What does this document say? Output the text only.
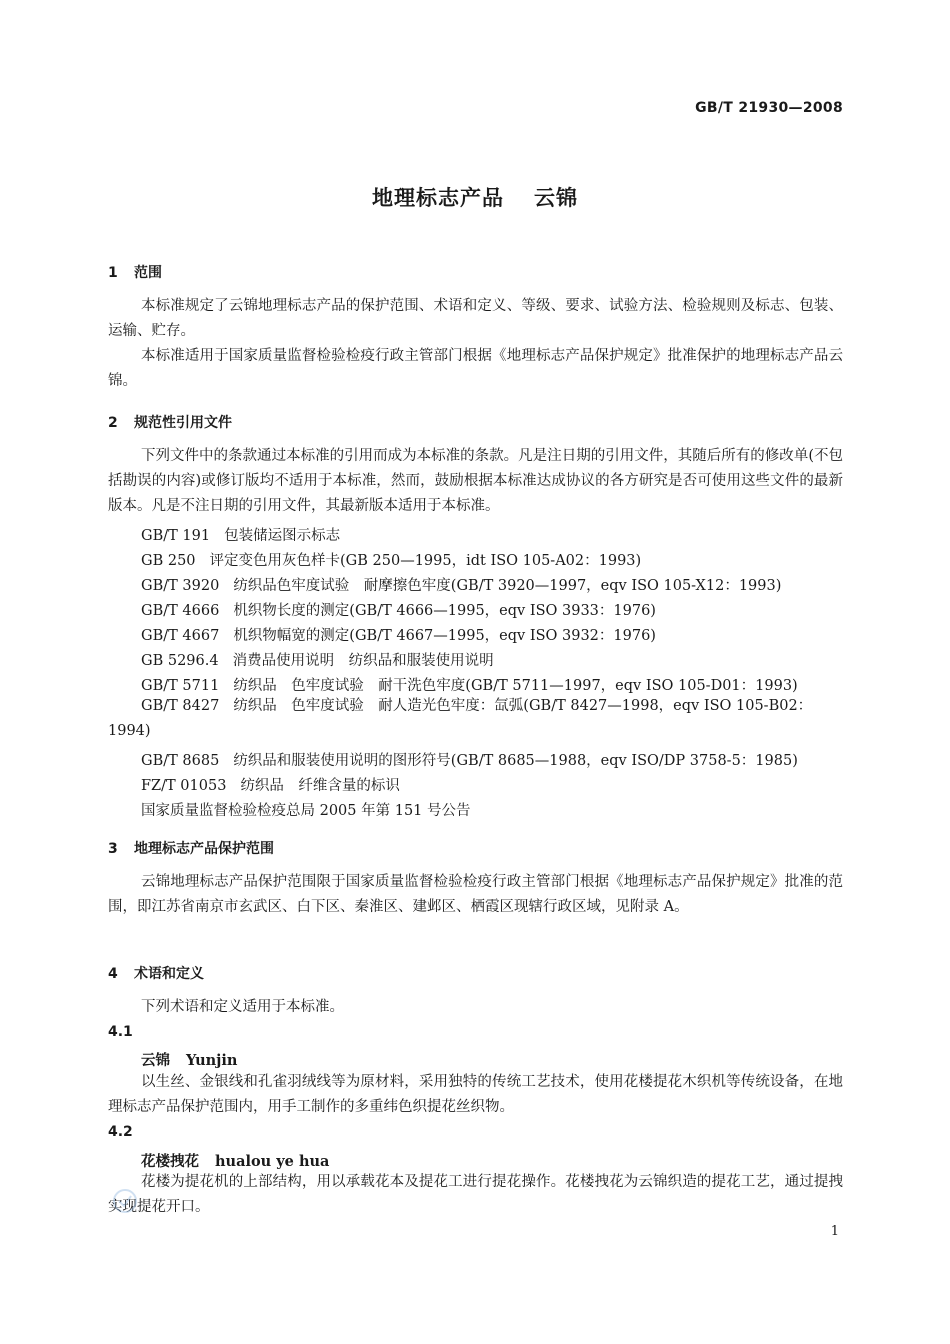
GB/T 21930—2008
地理标志产品 云锦
1 范围
本标准规定了云锦地理标志产品的保护范围、术语和定义、等级、要求、试验方法、检验规则及标志、包装、运输、贮存。
本标准适用于国家质量监督检验检疫行政主管部门根据《地理标志产品保护规定》批准保护的地理标志产品云锦。
2 规范性引用文件
下列文件中的条款通过本标准的引用而成为本标准的条款。凡是注日期的引用文件，其随后所有的修改单(不包括勘误的内容)或修订版均不适用于本标准，然而，鼓励根据本标准达成协议的各方研究是否可使用这些文件的最新版本。凡是不注日期的引用文件，其最新版本适用于本标准。
GB/T 191 包装储运图示标志
GB 250 评定变色用灰色样卡(GB 250—1995，idt ISO 105-A02：1993)
GB/T 3920 纺织品色牢度试验　耐摩擦色牢度(GB/T 3920—1997，eqv ISO 105-X12：1993)
GB/T 4666 机织物长度的测定(GB/T 4666—1995，eqv ISO 3933：1976)
GB/T 4667 机织物幅宽的测定(GB/T 4667—1995，eqv ISO 3932：1976)
GB 5296.4 消费品使用说明　纺织品和服装使用说明
GB/T 5711 纺织品　色牢度试验　耐干洗色牢度(GB/T 5711—1997，eqv ISO 105-D01：1993)
GB/T 8427 纺织品　色牢度试验　耐人造光色牢度：氙弧(GB/T 8427—1998，eqv ISO 105-B02：1994)
GB/T 8685 纺织品和服装使用说明的图形符号(GB/T 8685—1988，eqv ISO/DP 3758-5：1985)
FZ/T 01053 纺织品　纤维含量的标识
国家质量监督检验检疫总局 2005 年第 151 号公告
3 地理标志产品保护范围
云锦地理标志产品保护范围限于国家质量监督检验检疫行政主管部门根据《地理标志产品保护规定》批准的范围，即江苏省南京市玄武区、白下区、秦淮区、建邺区、栖霞区现辖行政区域，见附录 A。
4 术语和定义
下列术语和定义适用于本标准。
4.1
云锦 Yunjin
以生丝、金银线和孔雀羽绒线等为原材料，采用独特的传统工艺技术，使用花楼提花木织机等传统设备，在地理标志产品保护范围内，用手工制作的多重纬色织提花丝织物。
4.2
花楼拽花 hualou ye hua
花楼为提花机的上部结构，用以承载花本及提花工进行提花操作。花楼拽花为云锦织造的提花工艺，通过提拽实现提花开口。
1
